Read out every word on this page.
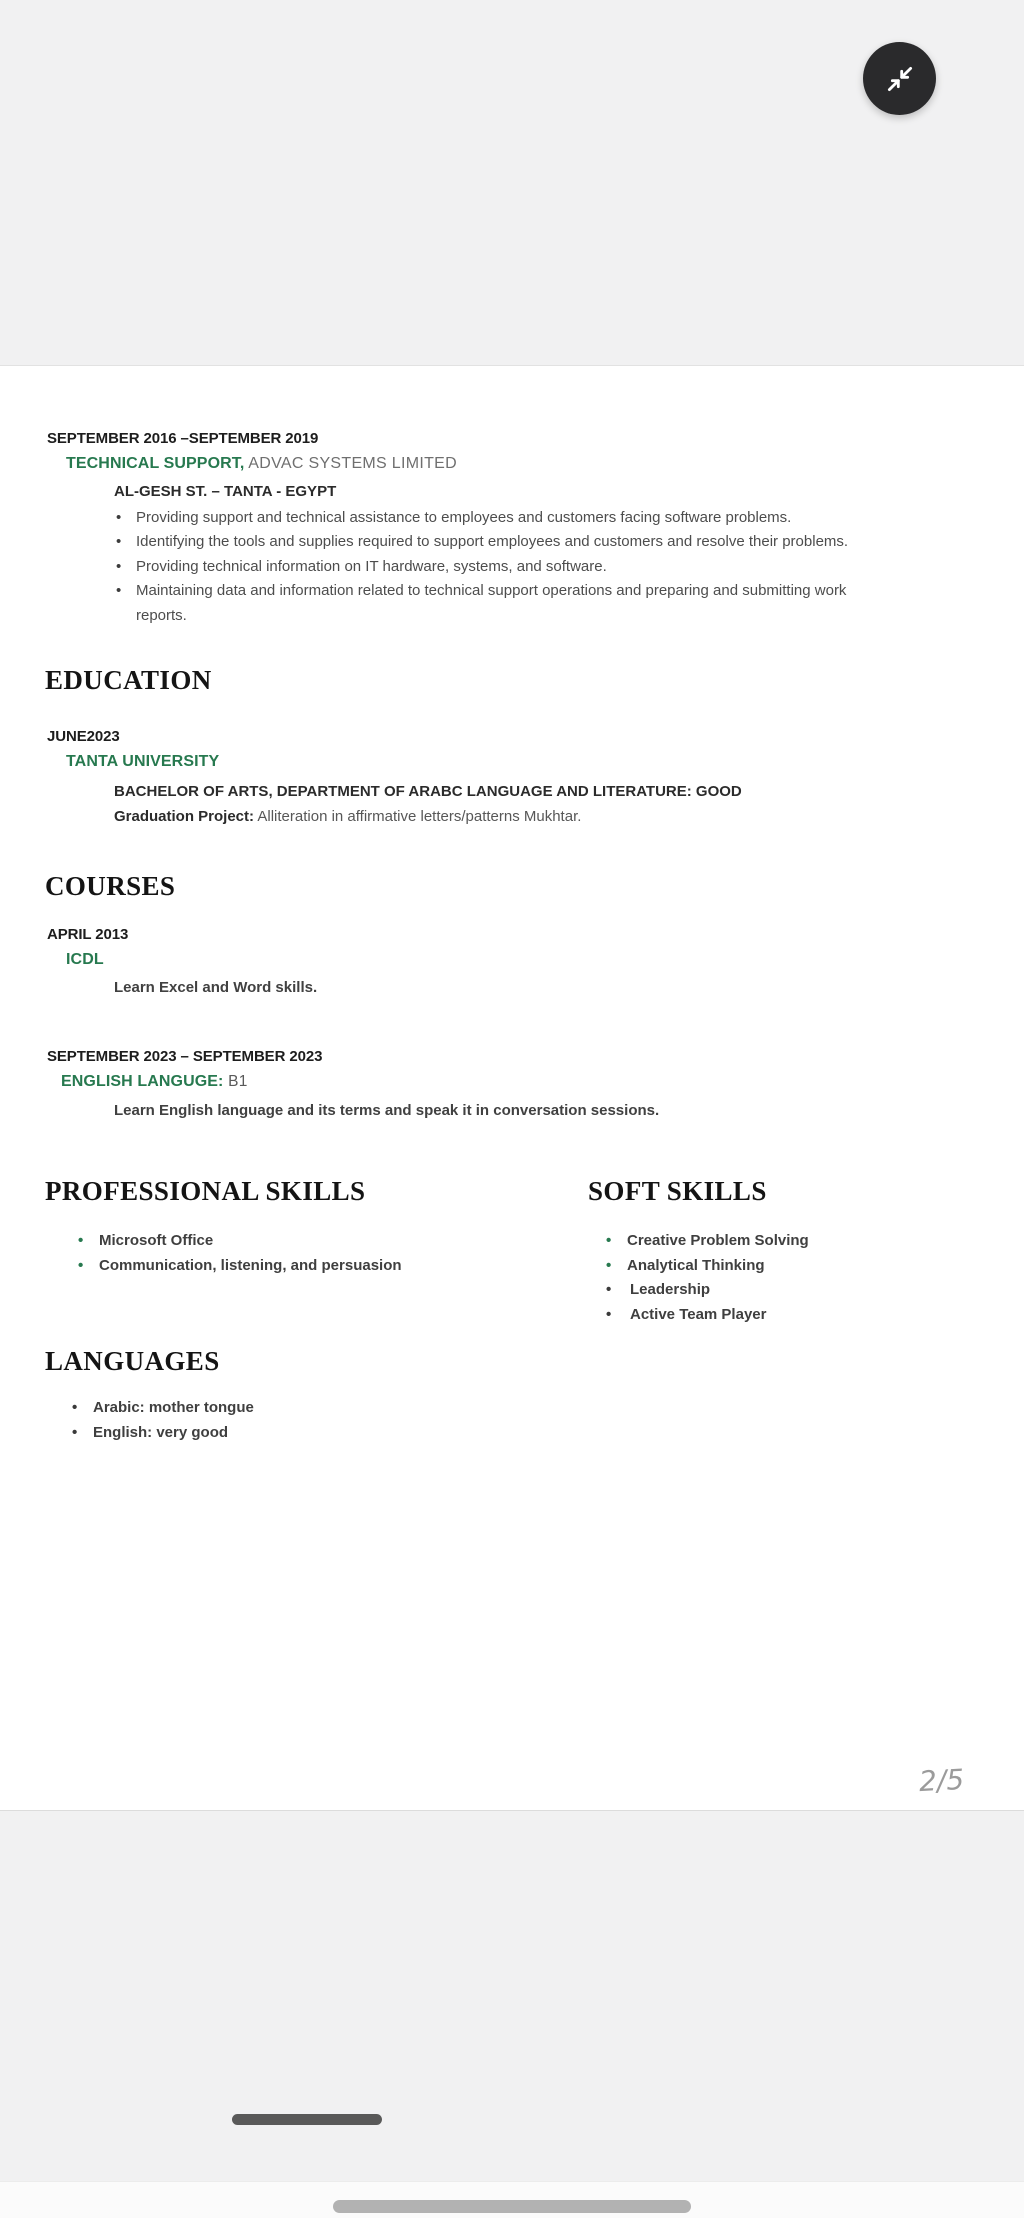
SEPTEMBER 2016 –SEPTEMBER 2019
TECHNICAL SUPPORT, ADVAC SYSTEMS LIMITED
AL-GESH ST. – TANTA - EGYPT
• Providing support and technical assistance to employees and customers facing software problems.
• Identifying the tools and supplies required to support employees and customers and resolve their problems.
• Providing technical information on IT hardware, systems, and software.
• Maintaining data and information related to technical support operations and preparing and submitting work reports.
EDUCATION
JUNE2023
TANTA UNIVERSITY
BACHELOR OF ARTS, DEPARTMENT OF ARABC LANGUAGE AND LITERATURE: GOOD
Graduation Project: Alliteration in affirmative letters/patterns Mukhtar.
COURSES
APRIL 2013
ICDL
Learn Excel and Word skills.
SEPTEMBER 2023 – SEPTEMBER 2023
ENGLISH LANGUGE: B1
Learn English language and its terms and speak it in conversation sessions.
PROFESSIONAL SKILLS	SOFT SKILLS
• Microsoft Office
• Communication, listening, and persuasion
• Creative Problem Solving
• Analytical Thinking
• Leadership
• Active Team Player
LANGUAGES
• Arabic: mother tongue
• English: very good
2/5
